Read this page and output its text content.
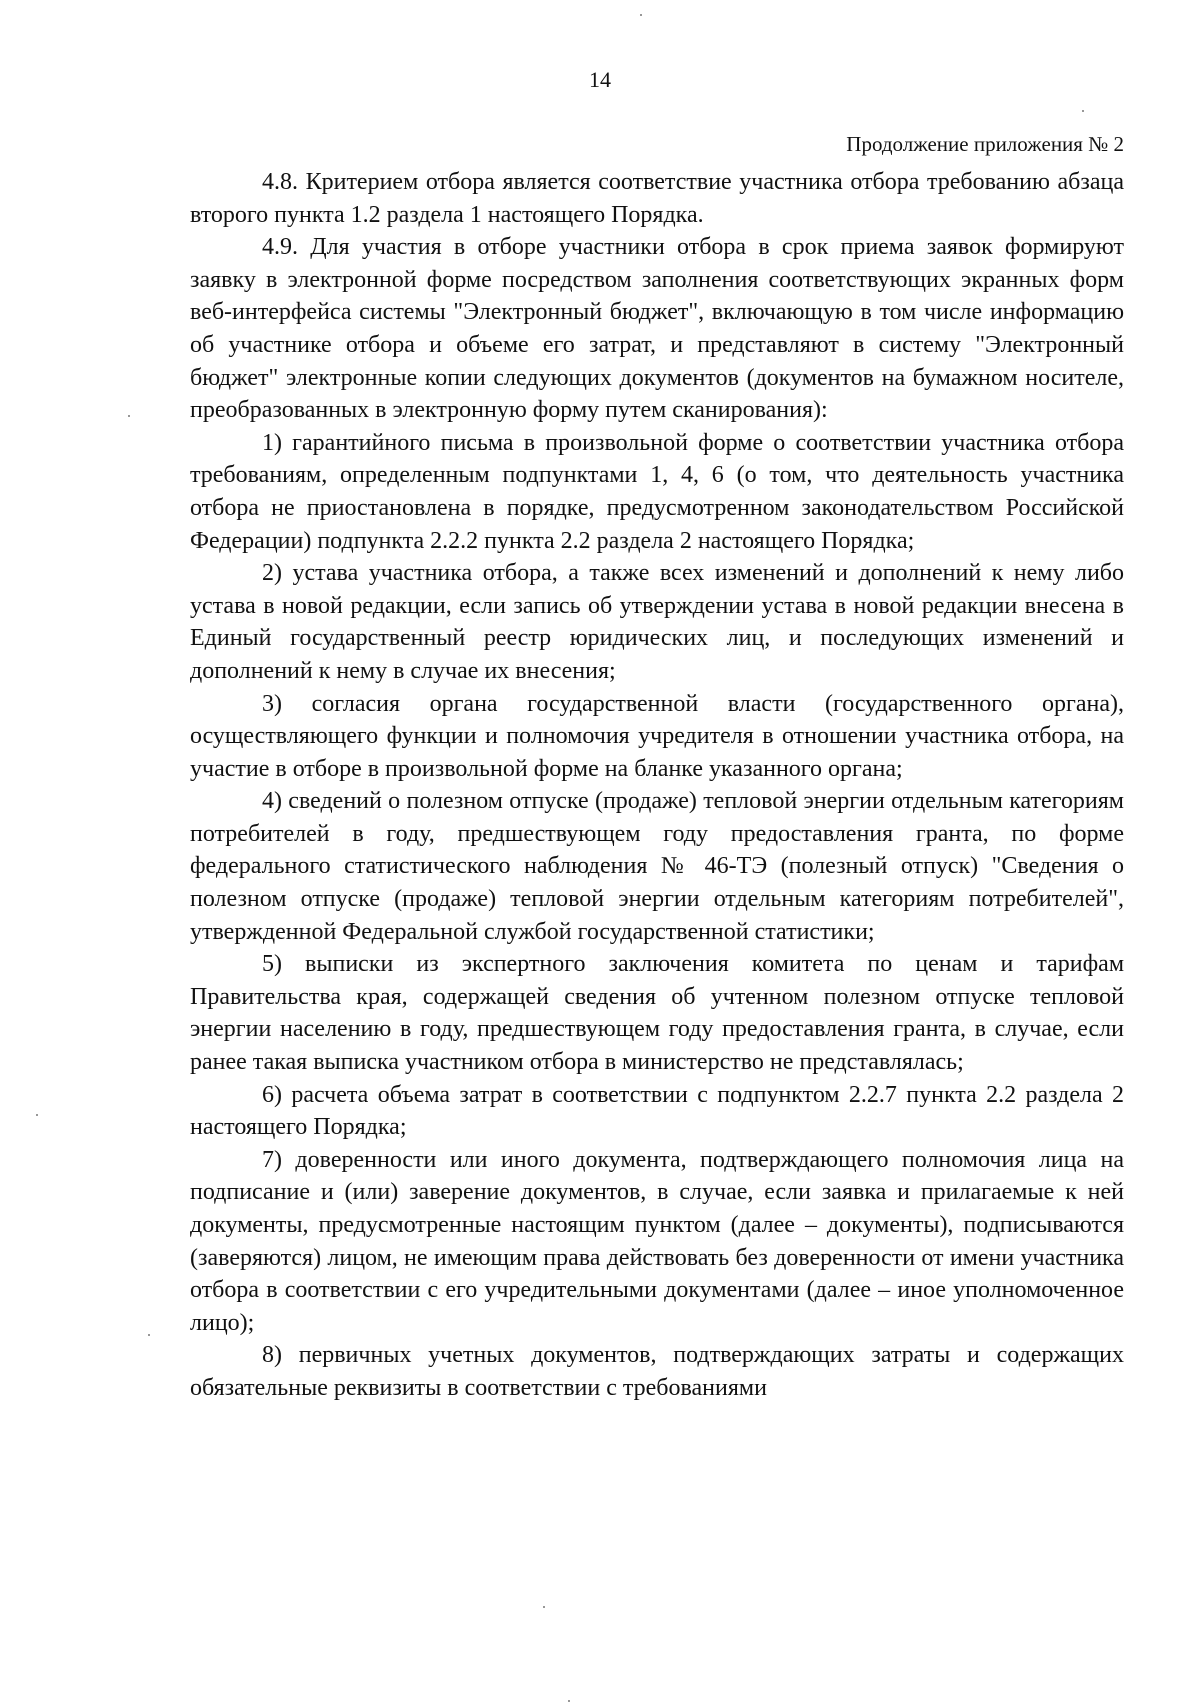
14
Продолжение приложения № 2

4.8. Критерием отбора является соответствие участника отбора требованию абзаца второго пункта 1.2 раздела 1 настоящего Порядка.

4.9. Для участия в отборе участники отбора в срок приема заявок формируют заявку в электронной форме посредством заполнения соответствующих экранных форм веб-интерфейса системы "Электронный бюджет", включающую в том числе информацию об участнике отбора и объеме его затрат, и представляют в систему "Электронный бюджет" электронные копии следующих документов (документов на бумажном носителе, преобразованных в электронную форму путем сканирования):

1) гарантийного письма в произвольной форме о соответствии участника отбора требованиям, определенным подпунктами 1, 4, 6 (о том, что деятельность участника отбора не приостановлена в порядке, предусмотренном законодательством Российской Федерации) подпункта 2.2.2 пункта 2.2 раздела 2 настоящего Порядка;

2) устава участника отбора, а также всех изменений и дополнений к нему либо устава в новой редакции, если запись об утверждении устава в новой редакции внесена в Единый государственный реестр юридических лиц, и последующих изменений и дополнений к нему в случае их внесения;

3) согласия органа государственной власти (государственного органа), осуществляющего функции и полномочия учредителя в отношении участника отбора, на участие в отборе в произвольной форме на бланке указанного органа;

4) сведений о полезном отпуске (продаже) тепловой энергии отдельным категориям потребителей в году, предшествующем году предоставления гранта, по форме федерального статистического наблюдения № 46-ТЭ (полезный отпуск) "Сведения о полезном отпуске (продаже) тепловой энергии отдельным категориям потребителей", утвержденной Федеральной службой государственной статистики;

5) выписки из экспертного заключения комитета по ценам и тарифам Правительства края, содержащей сведения об учтенном полезном отпуске тепловой энергии населению в году, предшествующем году предоставления гранта, в случае, если ранее такая выписка участником отбора в министерство не представлялась;

6) расчета объема затрат в соответствии с подпунктом 2.2.7 пункта 2.2 раздела 2 настоящего Порядка;

7) доверенности или иного документа, подтверждающего полномочия лица на подписание и (или) заверение документов, в случае, если заявка и прилагаемые к ней документы, предусмотренные настоящим пунктом (далее – документы), подписываются (заверяются) лицом, не имеющим права действовать без доверенности от имени участника отбора в соответствии с его учредительными документами (далее – иное уполномоченное лицо);

8) первичных учетных документов, подтверждающих затраты и содержащих обязательные реквизиты в соответствии с требованиями
